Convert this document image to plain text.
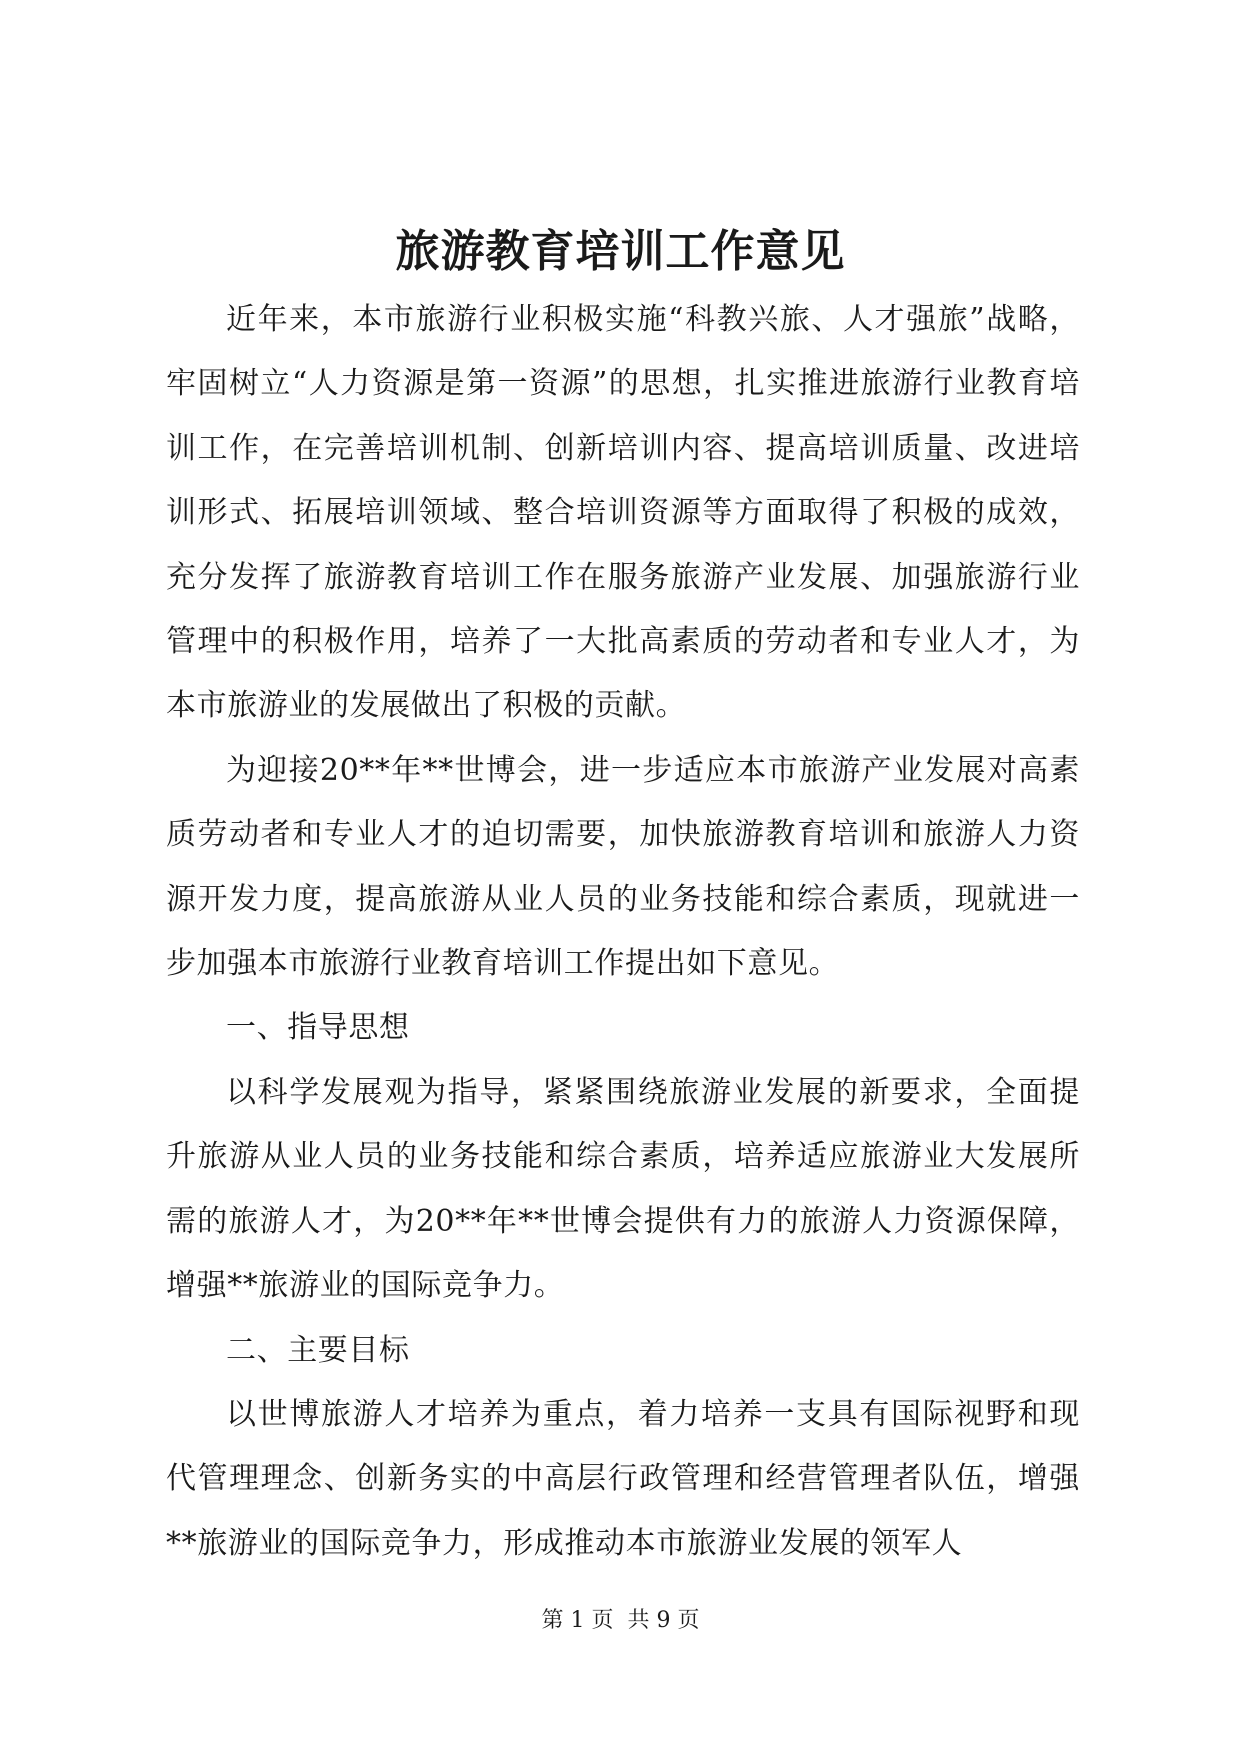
旅游教育培训工作意见

近年来，本市旅游行业积极实施“科教兴旅、人才强旅”战略，牢固树立“人力资源是第一资源”的思想，扎实推进旅游行业教育培训工作，在完善培训机制、创新培训内容、提高培训质量、改进培训形式、拓展培训领域、整合培训资源等方面取得了积极的成效，充分发挥了旅游教育培训工作在服务旅游产业发展、加强旅游行业管理中的积极作用，培养了一大批高素质的劳动者和专业人才，为本市旅游业的发展做出了积极的贡献。

为迎接20**年**世博会，进一步适应本市旅游产业发展对高素质劳动者和专业人才的迫切需要，加快旅游教育培训和旅游人力资源开发力度，提高旅游从业人员的业务技能和综合素质，现就进一步加强本市旅游行业教育培训工作提出如下意见。

一、指导思想

以科学发展观为指导，紧紧围绕旅游业发展的新要求，全面提升旅游从业人员的业务技能和综合素质，培养适应旅游业大发展所需的旅游人才，为20**年**世博会提供有力的旅游人力资源保障，增强**旅游业的国际竞争力。

二、主要目标

以世博旅游人才培养为重点，着力培养一支具有国际视野和现代管理理念、创新务实的中高层行政管理和经营管理者队伍，增强**旅游业的国际竞争力，形成推动本市旅游业发展的领军人

第 1 页  共 9 页
